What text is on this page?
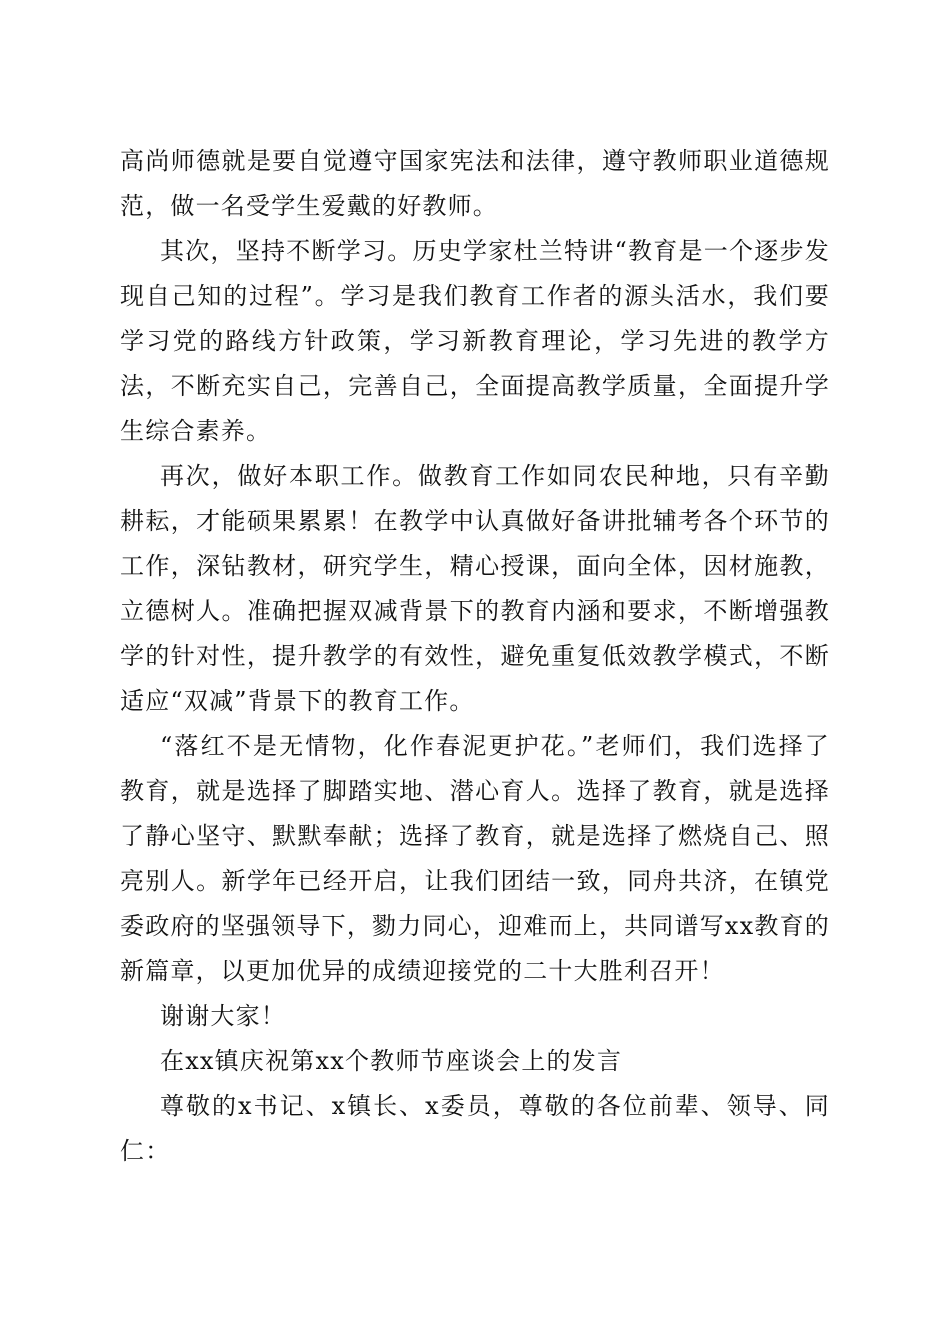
高尚师德就是要自觉遵守国家宪法和法律，遵守教师职业道德规范，做一名受学生爱戴的好教师。

其次，坚持不断学习。历史学家杜兰特讲“教育是一个逐步发现自己知的过程”。学习是我们教育工作者的源头活水，我们要学习党的路线方针政策，学习新教育理论，学习先进的教学方法，不断充实自己，完善自己，全面提高教学质量，全面提升学生综合素养。

再次，做好本职工作。做教育工作如同农民种地，只有辛勤耕耘，才能硕果累累！在教学中认真做好备讲批辅考各个环节的工作，深钻教材，研究学生，精心授课，面向全体，因材施教，立德树人。准确把握双减背景下的教育内涵和要求，不断增强教学的针对性，提升教学的有效性，避免重复低效教学模式，不断适应“双减”背景下的教育工作。

“落红不是无情物，化作春泥更护花。”老师们，我们选择了教育，就是选择了脚踏实地、潜心育人。选择了教育，就是选择了静心坚守、默默奉献；选择了教育，就是选择了燃烧自己、照亮别人。新学年已经开启，让我们团结一致，同舟共济，在镇党委政府的坚强领导下，勠力同心，迎难而上，共同谱写xx教育的新篇章，以更加优异的成绩迎接党的二十大胜利召开！

谢谢大家！

在xx镇庆祝第xx个教师节座谈会上的发言

尊敬的x书记、x镇长、x委员，尊敬的各位前辈、领导、同仁：
